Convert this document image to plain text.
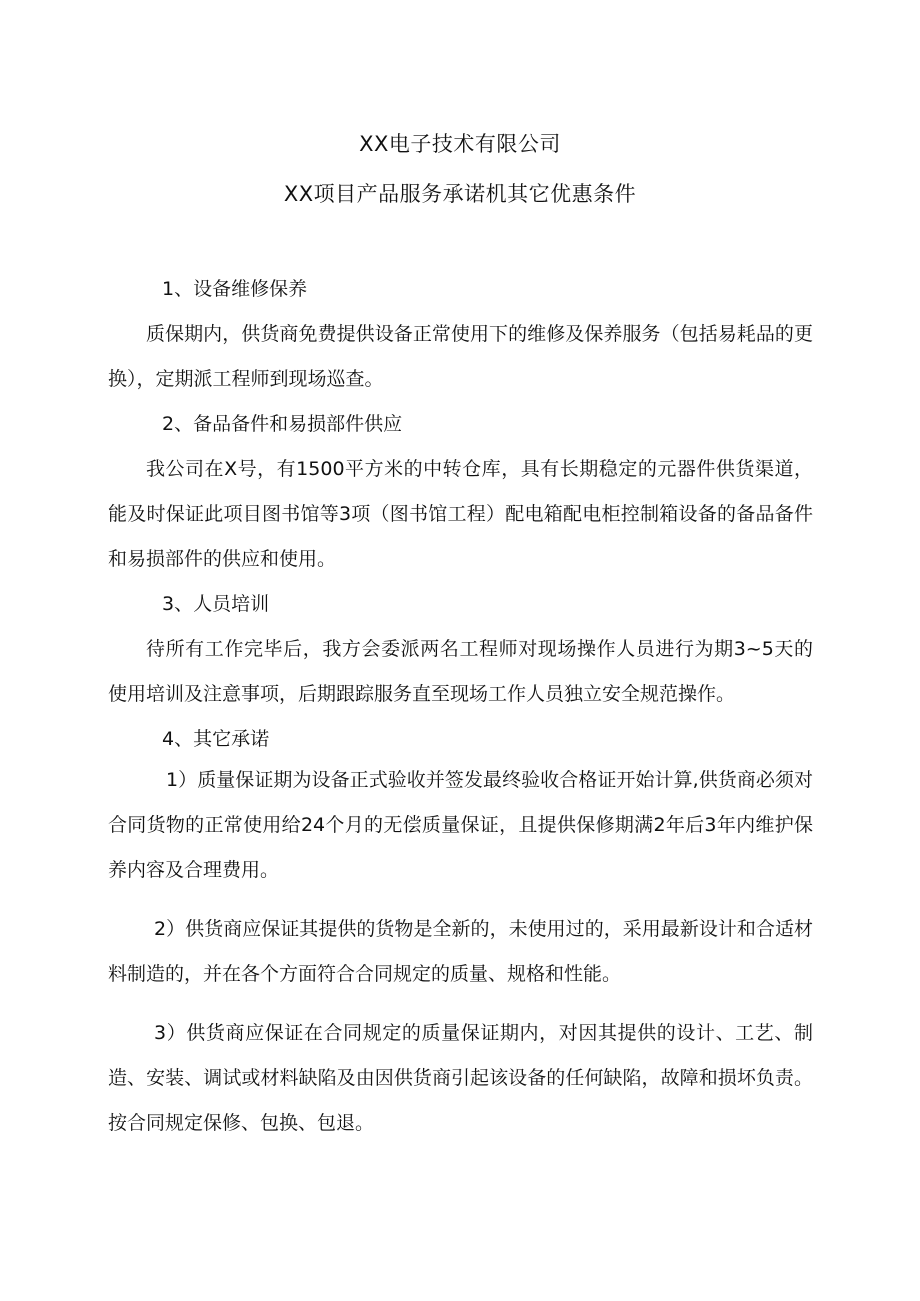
XX电子技术有限公司
XX项目产品服务承诺机其它优惠条件
1、设备维修保养

质保期内，供货商免费提供设备正常使用下的维修及保养服务（包括易耗品的更换），定期派工程师到现场巡查。

2、备品备件和易损部件供应

我公司在X号，有1500平方米的中转仓库，具有长期稳定的元器件供货渠道，能及时保证此项目图书馆等3项（图书馆工程）配电箱配电柜控制箱设备的备品备件和易损部件的供应和使用。

3、人员培训

待所有工作完毕后，我方会委派两名工程师对现场操作人员进行为期3~5天的使用培训及注意事项，后期跟踪服务直至现场工作人员独立安全规范操作。

4、其它承诺

1）质量保证期为设备正式验收并签发最终验收合格证开始计算,供货商必须对合同货物的正常使用给24个月的无偿质量保证，且提供保修期满2年后3年内维护保养内容及合理费用。

2）供货商应保证其提供的货物是全新的，未使用过的，采用最新设计和合适材料制造的，并在各个方面符合合同规定的质量、规格和性能。

3）供货商应保证在合同规定的质量保证期内，对因其提供的设计、工艺、制造、安装、调试或材料缺陷及由因供货商引起该设备的任何缺陷，故障和损坏负责。按合同规定保修、包换、包退。
